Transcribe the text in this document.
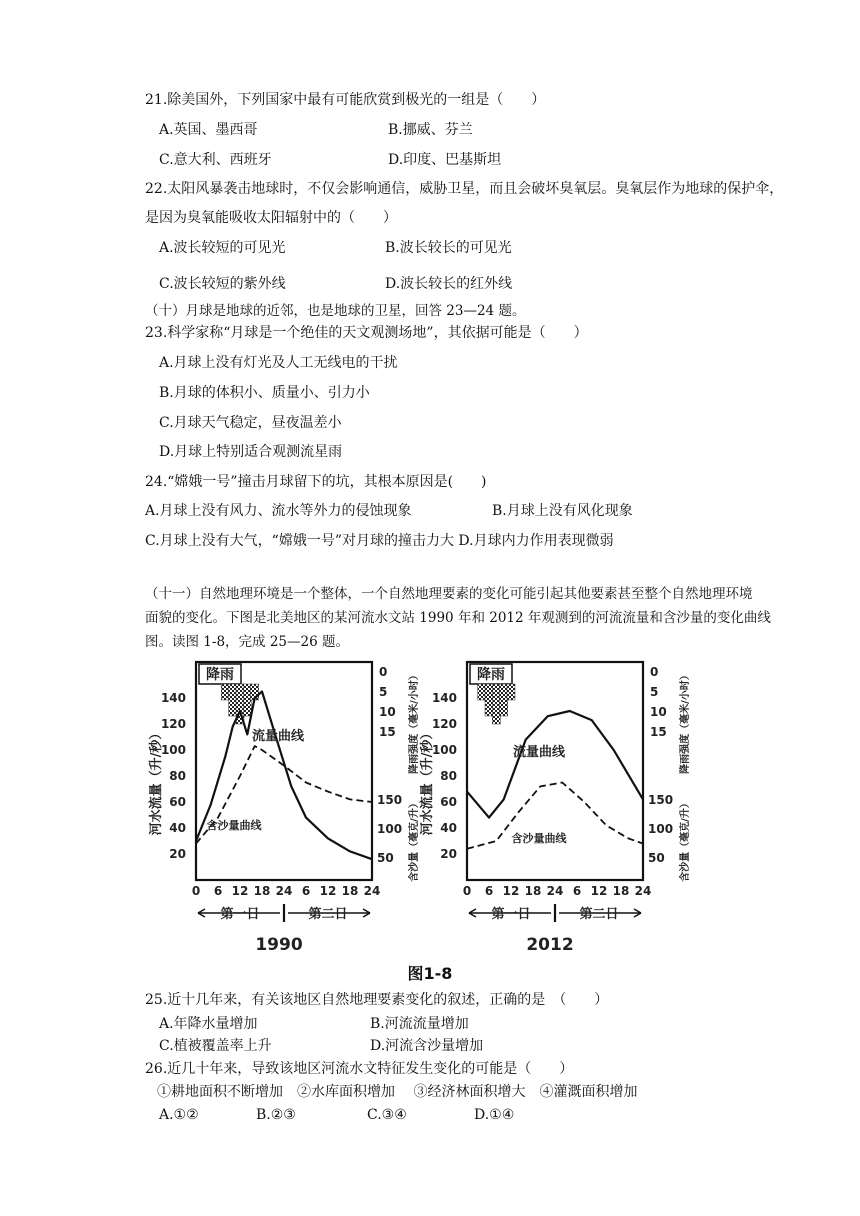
21.除美国外，下列国家中最有可能欣赏到极光的一组是（　　）
A.英国、墨西哥	B.挪威、芬兰
C.意大利、西班牙	D.印度、巴基斯坦
22.太阳风暴袭击地球时，不仅会影响通信，威胁卫星，而且会破坏臭氧层。臭氧层作为地球的保护伞，
是因为臭氧能吸收太阳辐射中的（　　）
A.波长较短的可见光	B.波长较长的可见光
C.波长较短的紫外线	D.波长较长的红外线
（十）月球是地球的近邻，也是地球的卫星，回答 23—24 题。
23.科学家称“月球是一个绝佳的天文观测场地”，其依据可能是（　　）
A.月球上没有灯光及人工无线电的干扰
B.月球的体积小、质量小、引力小
C.月球天气稳定，昼夜温差小
D.月球上特别适合观测流星雨
24.“嫦娥一号”撞击月球留下的坑，其根本原因是(　　)
A.月球上没有风力、流水等外力的侵蚀现象	B.月球上没有风化现象
C.月球上没有大气，“嫦娥一号”对月球的撞击力大 D.月球内力作用表现微弱
（十一）自然地理环境是一个整体，一个自然地理要素的变化可能引起其他要素甚至整个自然地理环境
面貌的变化。下图是北美地区的某河流水文站 1990 年和 2012 年观测到的河流流量和含沙量的变化曲线
图。读图 1-8，完成 25—26 题。
降雨
流量曲线
含沙量曲线
20
40
60
80
100
120
140
河水流量（升/秒）
0
5
10
15
50
100
150
降雨强度（毫米/小时）
含沙量（毫克/升）
0 6 12 18 24 6 12 18 24
第一日	第二日
1990
降雨
流量曲线
含沙量曲线
20
40
60
80
100
120
140
河水流量（升/秒）
0
5
10
15
50
100
150
降雨强度（毫米/小时）
含沙量（毫克/升）
0 6 12 18 24 6 12 18 24
第一日	第二日
2012
图1-8
25.近十几年来，有关该地区自然地理要素变化的叙述，正确的是　（　　）
A.年降水量增加	B.河流流量增加
C.植被覆盖率上升	D.河流含沙量增加
26.近几十年来，导致该地区河流水文特征发生变化的可能是（　　）
①耕地面积不断增加　②水库面积增加　 ③经济林面积增大　④灌溉面积增加
A.①②	B.②③	C.③④	D.①④
